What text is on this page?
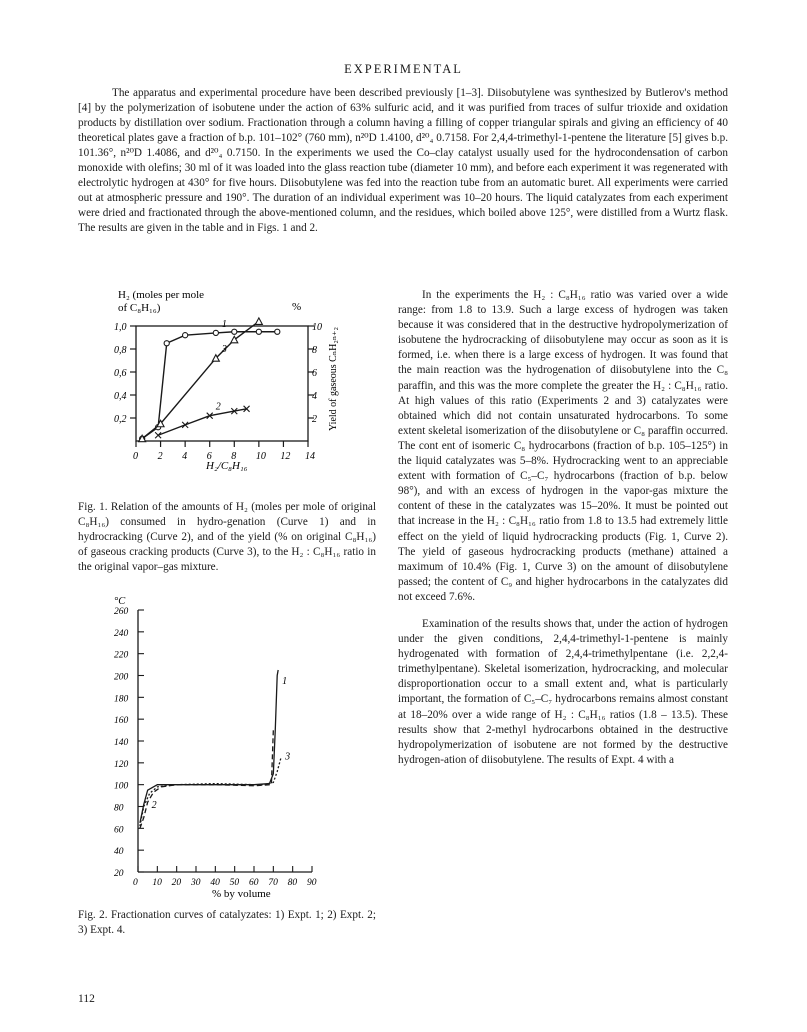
EXPERIMENTAL

The apparatus and experimental procedure have been described previously [1–3]. Diisobutylene was synthesized by Butlerov's method [4] by the polymerization of isobutene under the action of 63% sulfuric acid, and it was purified from traces of sulfur trioxide and oxidation products by distillation over sodium. Fractionation through a column having a filling of copper triangular spirals and giving an efficiency of 40 theoretical plates gave a fraction of b.p. 101–102° (760 mm), n²⁰D 1.4100, d²⁰₄ 0.7158. For 2,4,4-trimethyl-1-pentene the literature [5] gives b.p. 101.36°, n²⁰D 1.4086, and d²⁰₄ 0.7150. In the experiments we used the Co–clay catalyst usually used for the hydrocondensation of carbon monoxide with olefins; 30 ml of it was loaded into the glass reaction tube (diameter 10 mm), and before each experiment it was regenerated with electrolytic hydrogen at 430° for five hours. Diisobutylene was fed into the reaction tube from an automatic buret. All experiments were carried out at atmospheric pressure and 190°. The duration of an individual experiment was 10–20 hours. The liquid catalyzates from each experiment were dried and fractionated through the above-mentioned column, and the residues, which boiled above 125°, were distilled from a Wurtz flask. The results are given in the table and in Figs. 1 and 2.

H₂ (moles per mole
of C₈H₁₆)	%
Yield of gaseous CₙH₂ₙ₊₂
0 2 4 6 8 10 12 14
0,2
0,4
0,6
0,8
1,0
2
4
6
8
10
1
2
3
H₂/C₈H₁₆

Fig. 1. Relation of the amounts of H₂ (moles per mole of original C₈H₁₆) consumed in hydro-genation (Curve 1) and in hydrocracking (Curve 2), and of the yield (% on original C₈H₁₆) of gaseous cracking products (Curve 3), to the H₂ : C₈H₁₆ ratio in the original vapor–gas mixture.

°C
20
40
60
80
100
120
140
160
180
200
220
240
260
0 10 20 30 40 50 60 70 80 90
1
2
3
% by volume

Fig. 2. Fractionation curves of catalyzates: 1) Expt. 1; 2) Expt. 2; 3) Expt. 4.

In the experiments the H₂ : C₈H₁₆ ratio was varied over a wide range: from 1.8 to 13.9. Such a large excess of hydrogen was taken because it was considered that in the destructive hydropolymerization of isobutene the hydrocracking of diisobutylene may occur as soon as it is formed, i.e. when there is a large excess of hydrogen. It was found that the main reaction was the hydrogenation of diisobutylene into the C₈ paraffin, and this was the more complete the greater the H₂ : C₈H₁₆ ratio. At high values of this ratio (Experiments 2 and 3) catalyzates were obtained which did not contain unsaturated hydrocarbons. To some extent skeletal isomerization of the diisobutylene or C₈ paraffin occurred. The cont ent of isomeric C₈ hydrocarbons (fraction of b.p. 105–125°) in the liquid catalyzates was 5–8%. Hydrocracking went to an appreciable extent with formation of C₅–C₇ hydrocarbons (fraction of b.p. below 98°), and with an excess of hydrogen in the vapor-gas mixture the content of these in the catalyzates was 15–20%. It must be pointed out that increase in the H₂ : C₈H₁₆ ratio from 1.8 to 13.5 had extremely little effect on the yield of liquid hydrocracking products (Fig. 1, Curve 2). The yield of gaseous hydrocracking products (methane) attained a maximum of 10.4% (Fig. 1, Curve 3) on the amount of diisobutylene passed; the content of C₉ and higher hydrocarbons in the catalyzates did not exceed 7.6%.

Examination of the results shows that, under the action of hydrogen under the given conditions, 2,4,4-trimethyl-1-pentene is mainly hydrogenated with formation of 2,4,4-trimethylpentane (i.e. 2,2,4-trimethylpentane). Skeletal isomerization, hydrocracking, and molecular disproportionation occur to a small extent and, what is particularly important, the formation of C₅–C₇ hydrocarbons remains almost constant at 18–20% over a wide range of H₂ : C₈H₁₆ ratios (1.8 – 13.5). These results show that 2-methyl hydrocarbons obtained in the destructive hydropolymerization of isobutene are not formed by the destructive hydrogen-ation of diisobutylene. The results of Expt. 4 with a

112
